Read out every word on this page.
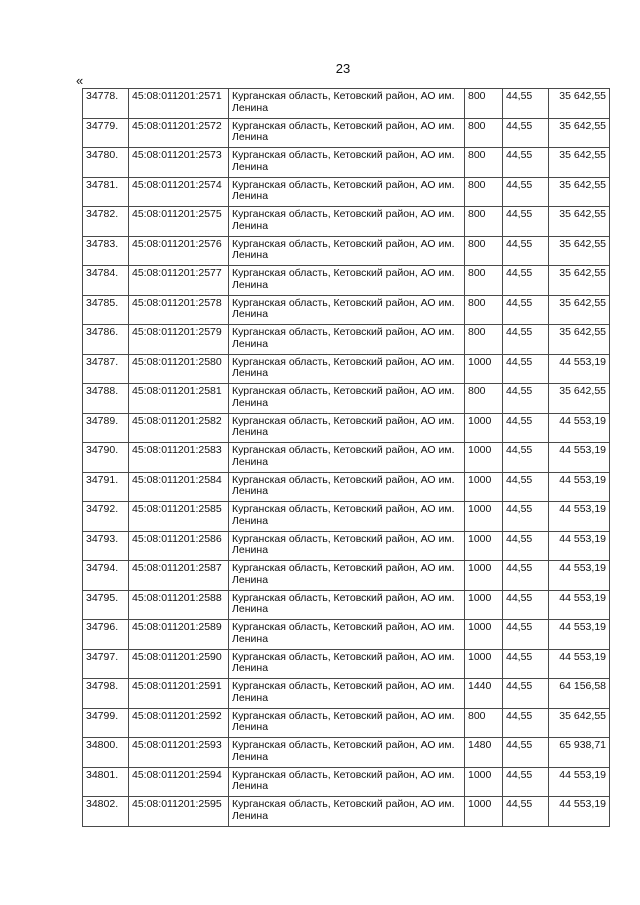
23
«
34778.	45:08:011201:2571	Курганская область, Кетовский район, АО им. Ленина	800	44,55	35 642,55
34779.	45:08:011201:2572	Курганская область, Кетовский район, АО им. Ленина	800	44,55	35 642,55
34780.	45:08:011201:2573	Курганская область, Кетовский район, АО им. Ленина	800	44,55	35 642,55
34781.	45:08:011201:2574	Курганская область, Кетовский район, АО им. Ленина	800	44,55	35 642,55
34782.	45:08:011201:2575	Курганская область, Кетовский район, АО им. Ленина	800	44,55	35 642,55
34783.	45:08:011201:2576	Курганская область, Кетовский район, АО им. Ленина	800	44,55	35 642,55
34784.	45:08:011201:2577	Курганская область, Кетовский район, АО им. Ленина	800	44,55	35 642,55
34785.	45:08:011201:2578	Курганская область, Кетовский район, АО им. Ленина	800	44,55	35 642,55
34786.	45:08:011201:2579	Курганская область, Кетовский район, АО им. Ленина	800	44,55	35 642,55
34787.	45:08:011201:2580	Курганская область, Кетовский район, АО им. Ленина	1000	44,55	44 553,19
34788.	45:08:011201:2581	Курганская область, Кетовский район, АО им. Ленина	800	44,55	35 642,55
34789.	45:08:011201:2582	Курганская область, Кетовский район, АО им. Ленина	1000	44,55	44 553,19
34790.	45:08:011201:2583	Курганская область, Кетовский район, АО им. Ленина	1000	44,55	44 553,19
34791.	45:08:011201:2584	Курганская область, Кетовский район, АО им. Ленина	1000	44,55	44 553,19
34792.	45:08:011201:2585	Курганская область, Кетовский район, АО им. Ленина	1000	44,55	44 553,19
34793.	45:08:011201:2586	Курганская область, Кетовский район, АО им. Ленина	1000	44,55	44 553,19
34794.	45:08:011201:2587	Курганская область, Кетовский район, АО им. Ленина	1000	44,55	44 553,19
34795.	45:08:011201:2588	Курганская область, Кетовский район, АО им. Ленина	1000	44,55	44 553,19
34796.	45:08:011201:2589	Курганская область, Кетовский район, АО им. Ленина	1000	44,55	44 553,19
34797.	45:08:011201:2590	Курганская область, Кетовский район, АО им. Ленина	1000	44,55	44 553,19
34798.	45:08:011201:2591	Курганская область, Кетовский район, АО им. Ленина	1440	44,55	64 156,58
34799.	45:08:011201:2592	Курганская область, Кетовский район, АО им. Ленина	800	44,55	35 642,55
34800.	45:08:011201:2593	Курганская область, Кетовский район, АО им. Ленина	1480	44,55	65 938,71
34801.	45:08:011201:2594	Курганская область, Кетовский район, АО им. Ленина	1000	44,55	44 553,19
34802.	45:08:011201:2595	Курганская область, Кетовский район, АО им. Ленина	1000	44,55	44 553,19
